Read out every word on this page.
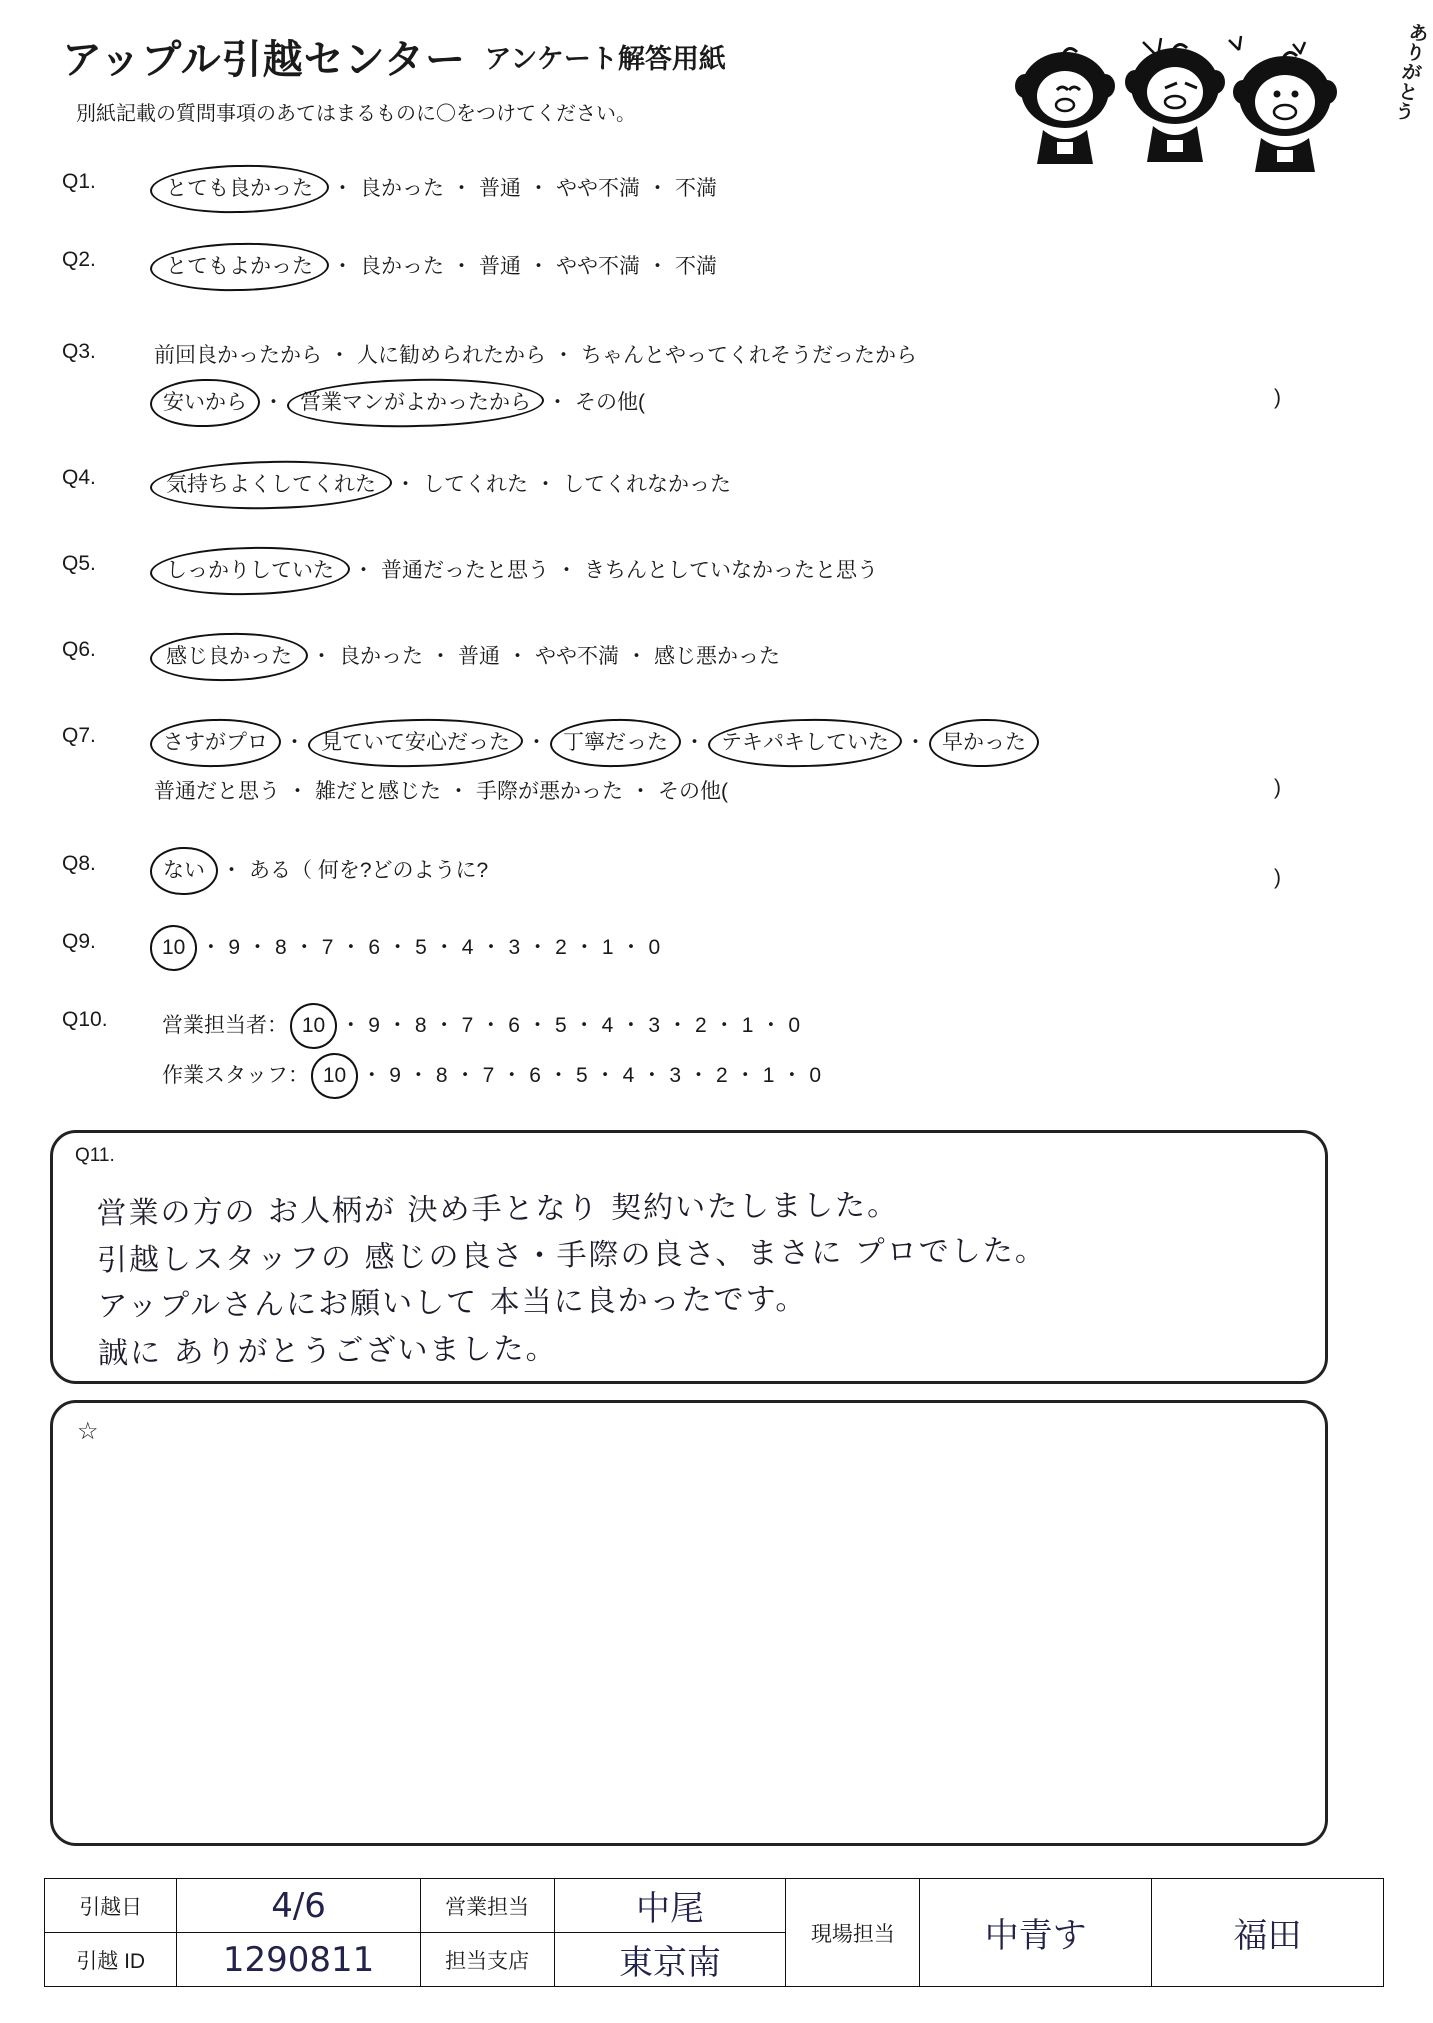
アップル引越センター アンケート解答用紙
別紙記載の質問事項のあてはまるものに〇をつけてください。
あ
り
が
と
う
Q1.	とても良かった ・ 良かった ・ 普通 ・ やや不満 ・ 不満
Q2.	とてもよかった ・ 良かった ・ 普通 ・ やや不満 ・ 不満
Q3.	前回良かったから ・ 人に勧められたから ・ ちゃんとやってくれそうだったから
安いから ・ 営業マンがよかったから ・ その他(	)
Q4.	気持ちよくしてくれた ・ してくれた ・ してくれなかった
Q5.	しっかりしていた ・ 普通だったと思う ・ きちんとしていなかったと思う
Q6.	感じ良かった ・ 良かった ・ 普通 ・ やや不満 ・ 感じ悪かった
Q7.	さすがプロ ・ 見ていて安心だった ・ 丁寧だった ・ テキパキしていた ・ 早かった
普通だと思う ・ 雑だと感じた ・ 手際が悪かった ・ その他(	)
Q8.	ない ・ ある（ 何を?どのように?	)
Q9.	10 ・ 9 ・ 8 ・ 7 ・ 6 ・ 5 ・ 4 ・ 3 ・ 2 ・ 1 ・ 0
Q10.	営業担当者： 10 ・ 9 ・ 8 ・ 7 ・ 6 ・ 5 ・ 4 ・ 3 ・ 2 ・ 1 ・ 0
作業スタッフ： 10 ・ 9 ・ 8 ・ 7 ・ 6 ・ 5 ・ 4 ・ 3 ・ 2 ・ 1 ・ 0
Q11.
営業の方の お人柄が 決め手となり 契約いたしました。
引越しスタッフの 感じの良さ・手際の良さ、まさに プロでした。
アップルさんにお願いして 本当に良かったです。
誠に ありがとうございました。
☆
引越日	4/6	営業担当	中尾	現場担当	中青す	福田
引越 ID	1290811	担当支店	東京南			
